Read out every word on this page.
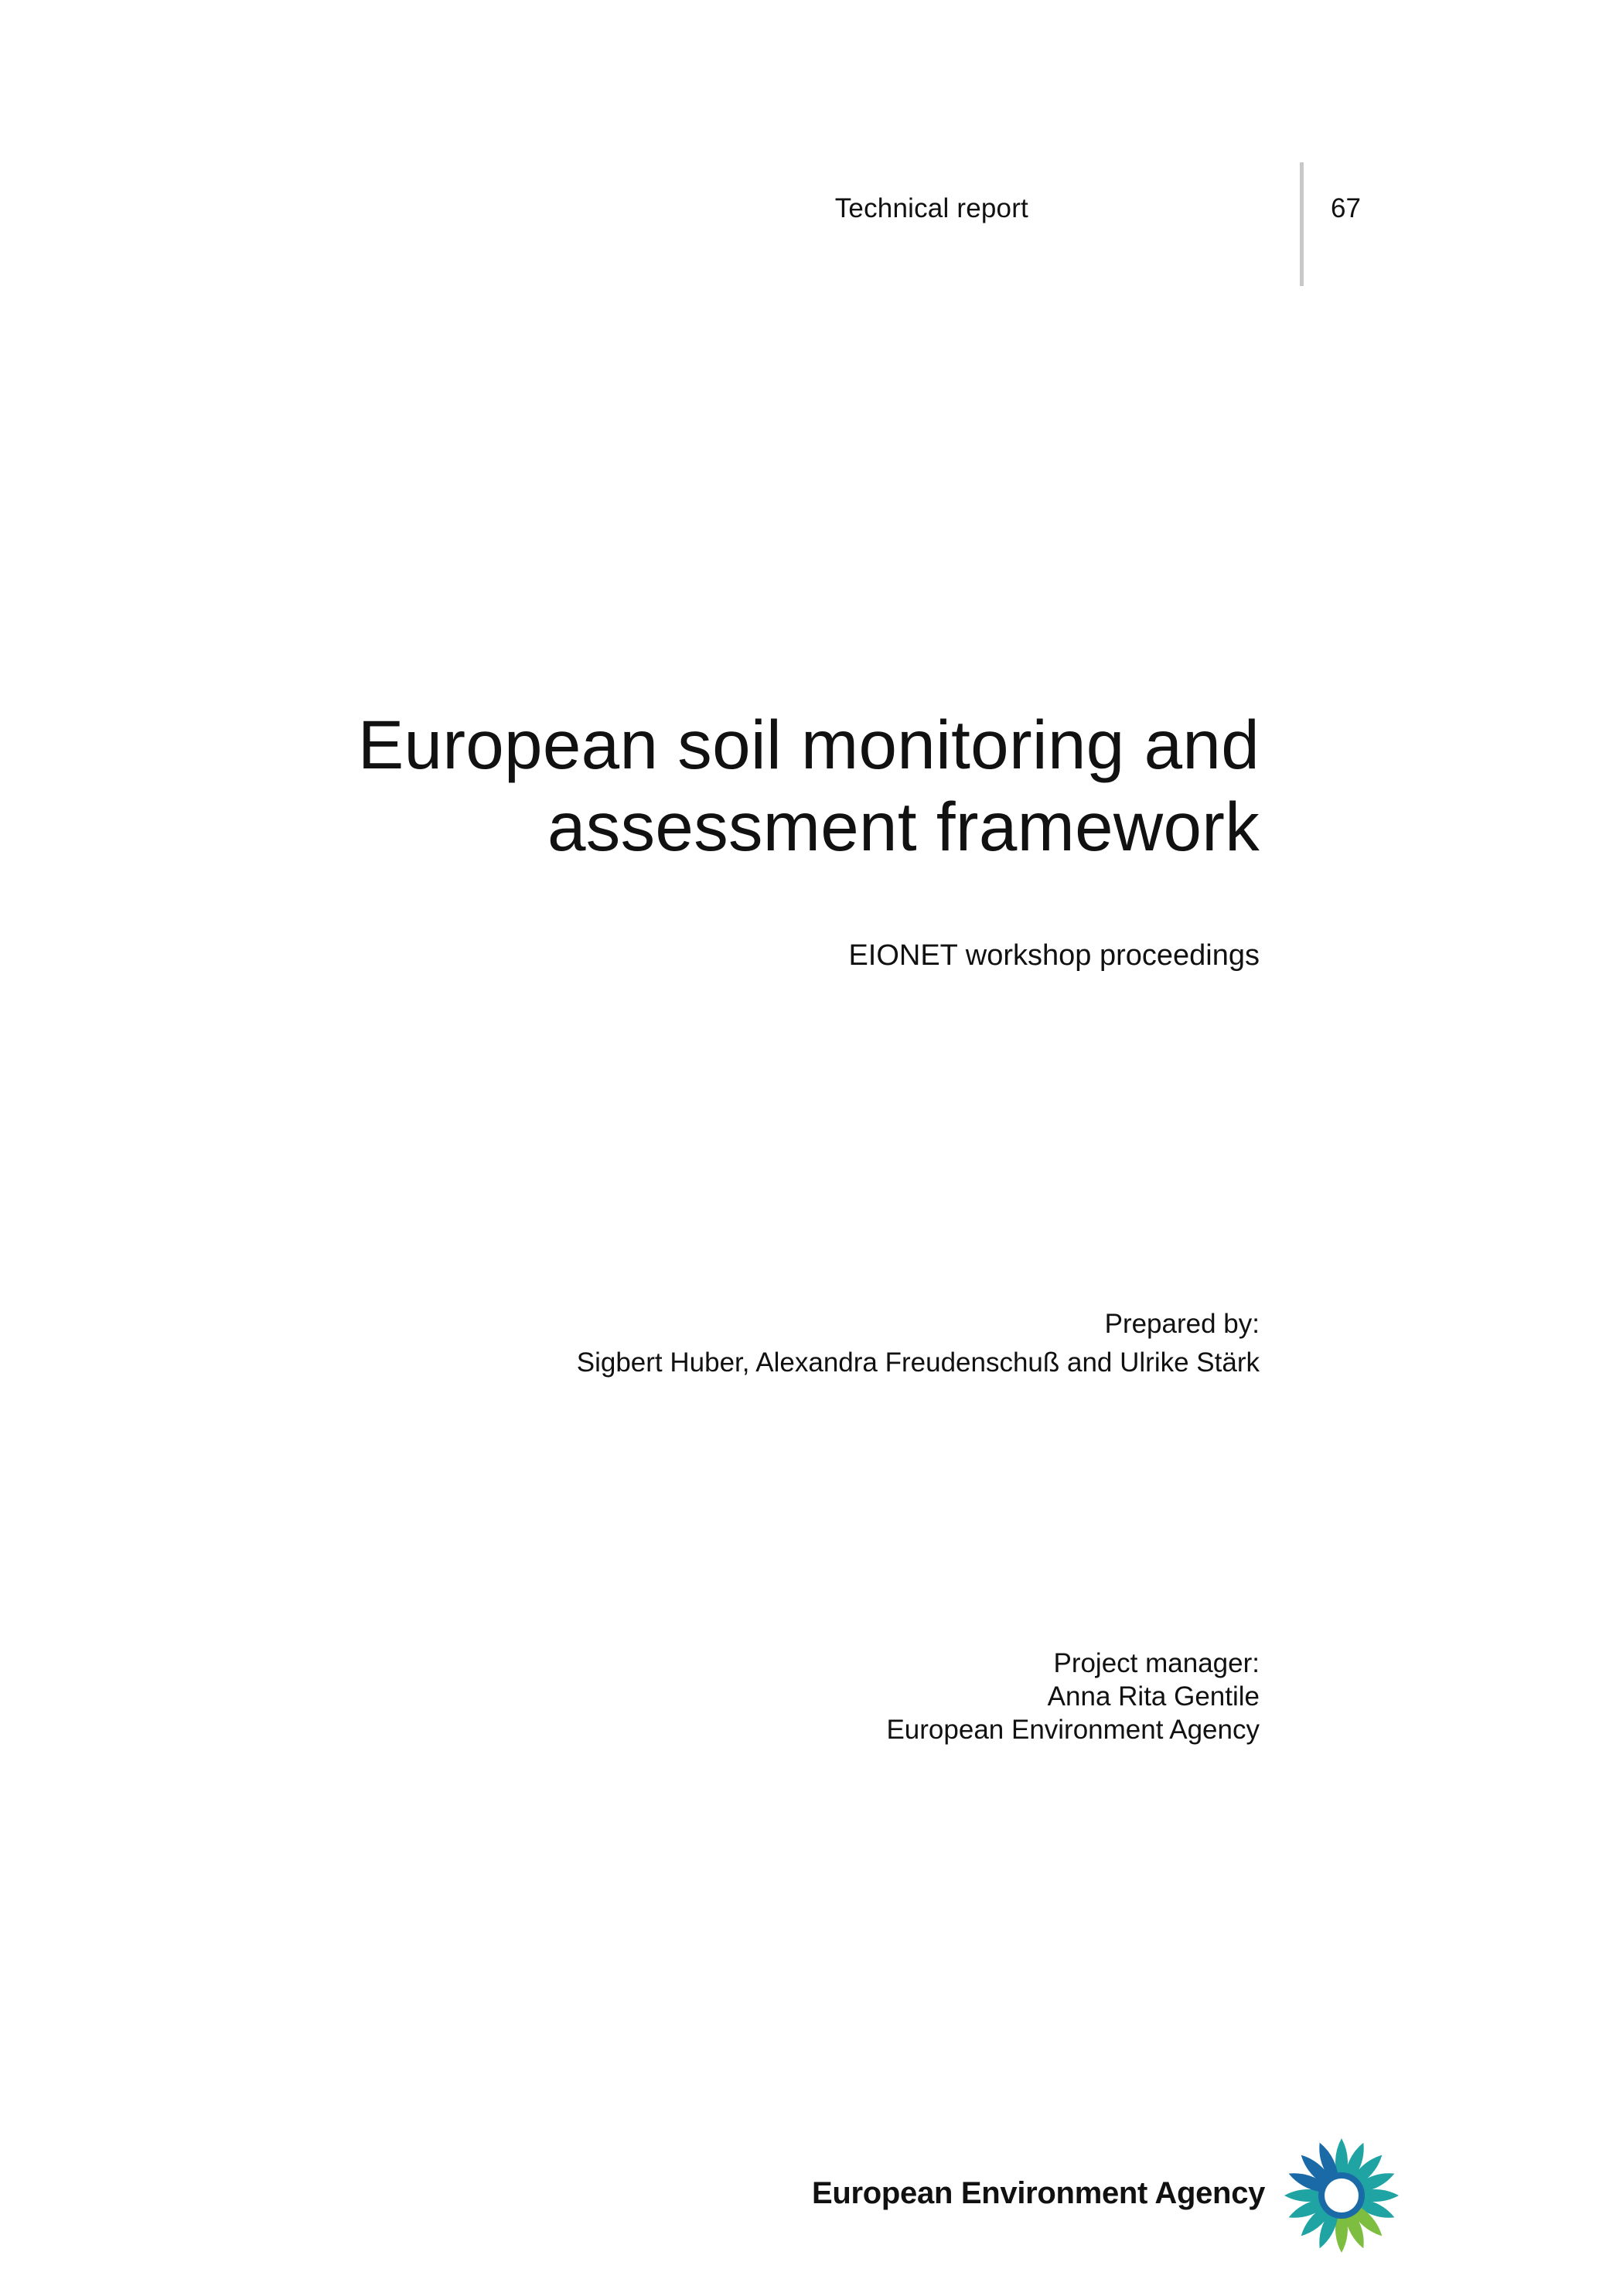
Technical report	67
European soil monitoring and
assessment framework
EIONET workshop proceedings
Prepared by:
Sigbert Huber, Alexandra Freudenschuß and Ulrike Stärk
Project manager:
Anna Rita Gentile
European Environment Agency
European Environment Agency
